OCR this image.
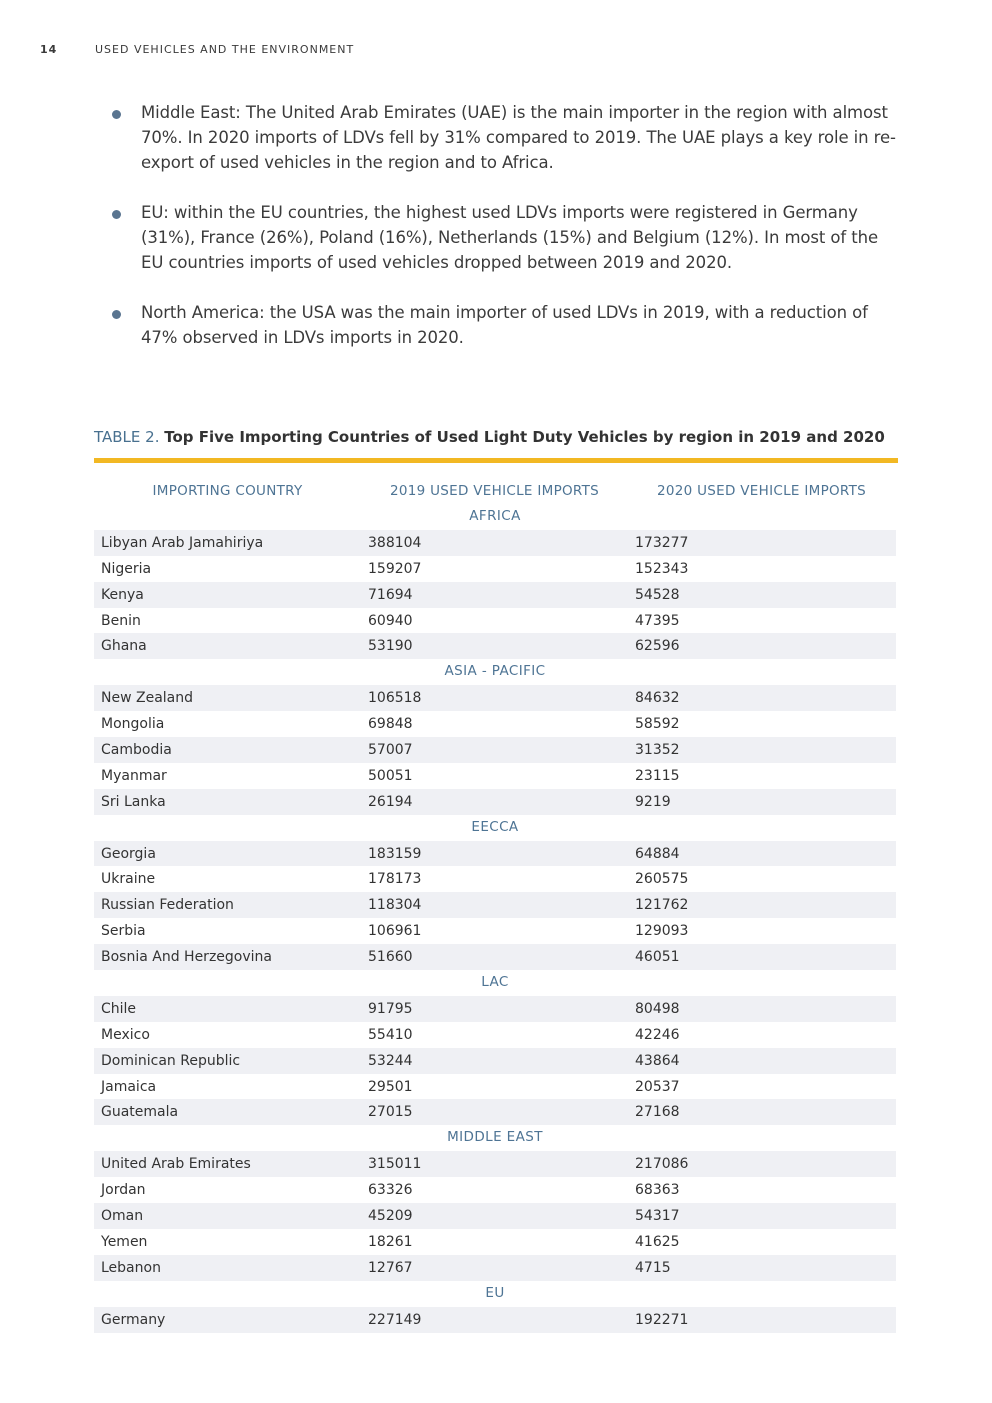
14	USED VEHICLES AND THE ENVIRONMENT
Middle East: The United Arab Emirates (UAE) is the main importer in the region with almost 70%. In 2020 imports of LDVs fell by 31% compared to 2019. The UAE plays a key role in re-export of used vehicles in the region and to Africa.
EU: within the EU countries, the highest used LDVs imports were registered in Germany (31%), France (26%), Poland (16%), Netherlands (15%) and Belgium (12%). In most of the EU countries imports of used vehicles dropped between 2019 and 2020.
North America: the USA was the main importer of used LDVs in 2019, with a reduction of 47% observed in LDVs imports in 2020.
TABLE 2. Top Five Importing Countries of Used Light Duty Vehicles by region in 2019 and 2020
IMPORTING COUNTRY	2019 USED VEHICLE IMPORTS	2020 USED VEHICLE IMPORTS
AFRICA
Libyan Arab Jamahiriya	388104	173277
Nigeria	159207	152343
Kenya	71694	54528
Benin	60940	47395
Ghana	53190	62596
ASIA - PACIFIC
New Zealand	106518	84632
Mongolia	69848	58592
Cambodia	57007	31352
Myanmar	50051	23115
Sri Lanka	26194	9219
EECCA
Georgia	183159	64884
Ukraine	178173	260575
Russian Federation	118304	121762
Serbia	106961	129093
Bosnia And Herzegovina	51660	46051
LAC
Chile	91795	80498
Mexico	55410	42246
Dominican Republic	53244	43864
Jamaica	29501	20537
Guatemala	27015	27168
MIDDLE EAST
United Arab Emirates	315011	217086
Jordan	63326	68363
Oman	45209	54317
Yemen	18261	41625
Lebanon	12767	4715
EU
Germany	227149	192271
